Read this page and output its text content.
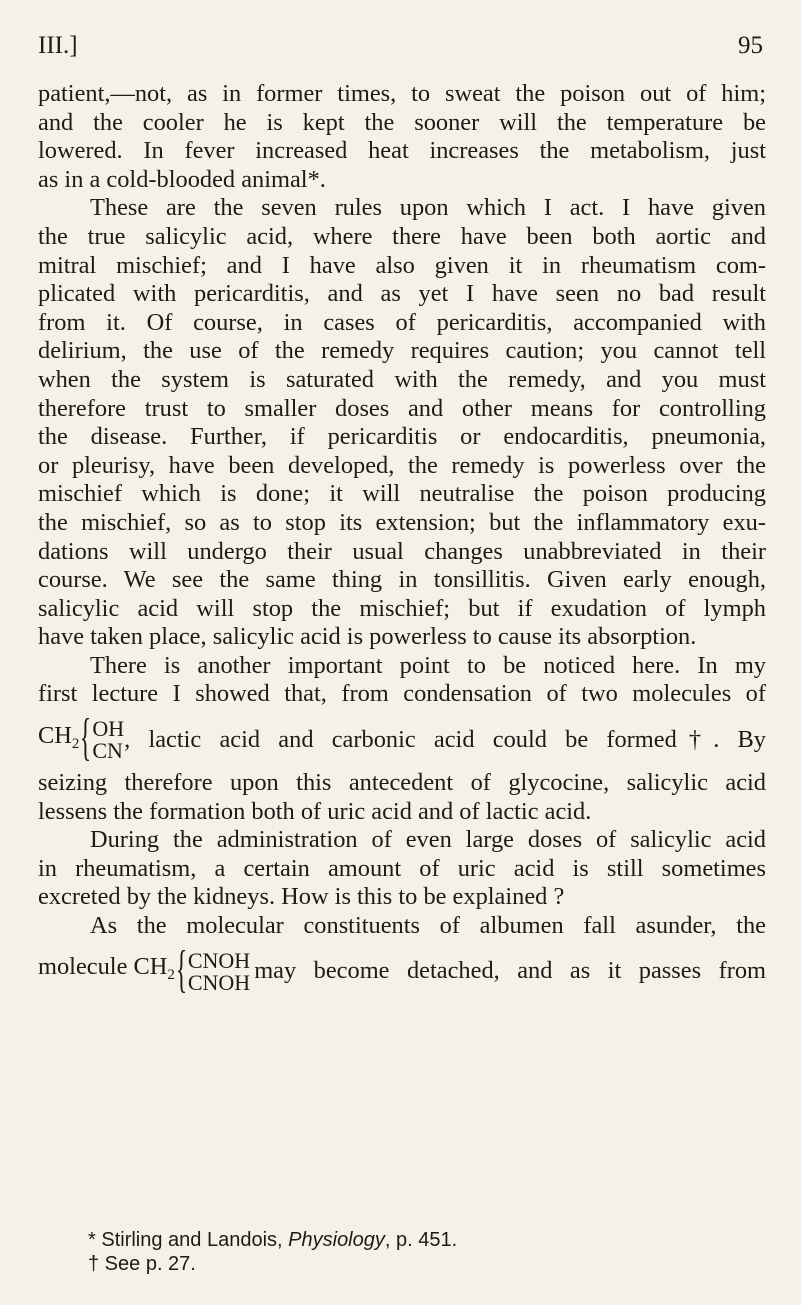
III.]	95
patient,—not, as in former times, to sweat the poison out of him;
and the cooler he is kept the sooner will the temperature be
lowered. In fever increased heat increases the metabolism, just
as in a cold-blooded animal*.
These are the seven rules upon which I act. I have given
the true salicylic acid, where there have been both aortic and
mitral mischief; and I have also given it in rheumatism com-
plicated with pericarditis, and as yet I have seen no bad result
from it. Of course, in cases of pericarditis, accompanied with
delirium, the use of the remedy requires caution; you cannot tell
when the system is saturated with the remedy, and you must
therefore trust to smaller doses and other means for controlling
the disease. Further, if pericarditis or endocarditis, pneumonia,
or pleurisy, have been developed, the remedy is powerless over the
mischief which is done; it will neutralise the poison producing
the mischief, so as to stop its extension; but the inflammatory exu-
dations will undergo their usual changes unabbreviated in their
course. We see the same thing in tonsillitis. Given early enough,
salicylic acid will stop the mischief; but if exudation of lymph
have taken place, salicylic acid is powerless to cause its absorption.
There is another important point to be noticed here. In my
first lecture I showed that, from condensation of two molecules of
$CH_2$ { OH
CN , lactic acid and carbonic acid could be formed†. By
seizing therefore upon this antecedent of glycocine, salicylic acid
lessens the formation both of uric acid and of lactic acid.
During the administration of even large doses of salicylic acid
in rheumatism, a certain amount of uric acid is still sometimes
excreted by the kidneys. How is this to be explained ?
As the molecular constituents of albumen fall asunder, the
molecule $CH_2$ { CNOH
CNOH may become detached, and as it passes from
* Stirling and Landois, Physiology, p. 451.
† See p. 27.
